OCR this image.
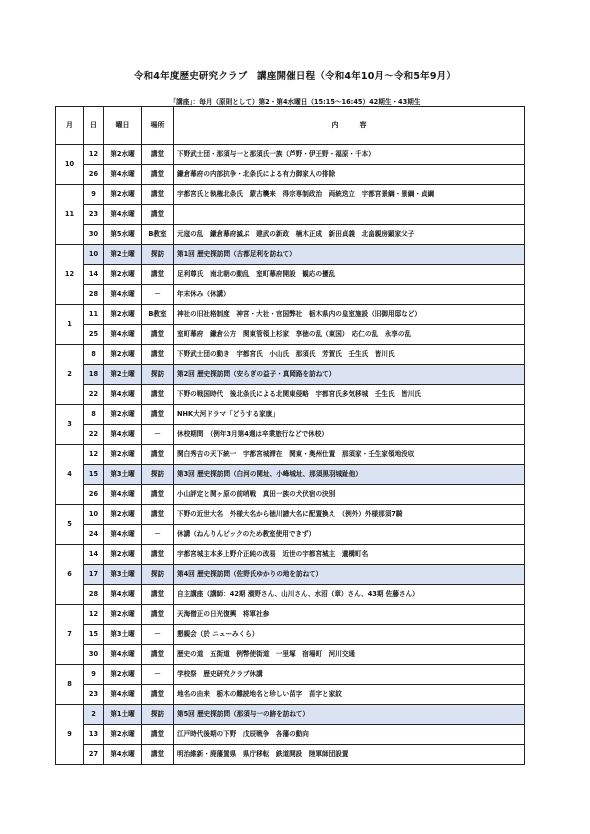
令和4年度歴史研究クラブ　講座開催日程（令和4年10月～令和5年9月）
「講座」：毎月（原則として）第2・第4水曜日（15:15～16:45）42期生・43期生
月	日	曜日	場所	内　　　容
10	12	第2水曜	講堂	下野武士団・那須与一と那須氏一族（芦野・伊王野・福原・千本）
	26	第4水曜	講堂	鎌倉幕府の内部抗争・北条氏による有力御家人の排除
11	9	第2水曜	講堂	宇都宮氏と執権北条氏　蒙古襲来　得宗専制政治　両統迭立　宇都宮景綱・景綱・貞綱
	23	第4水曜	講堂	
	30	第5水曜	B教室	元寇の乱　鎌倉幕府滅ぶ　建武の新政　楠木正成　新田貞義　北畠親房顕家父子
12	10	第2土曜	探訪	第1回 歴史探訪問（古都足利を訪ねて）
	14	第2水曜	講堂	足利尊氏　南北朝の動乱　室町幕府開設　観応の擾乱
	28	第4水曜	－	年末休み（休講）
1	11	第2水曜	B教室	神社の旧社格制度　神宮・大社・官国弊社　栃木県内の皇室施設（旧御用邸など）
	25	第4水曜	講堂	室町幕府　鎌倉公方　関東管領上杉家　享徳の乱（東国）　応仁の乱　永享の乱
2	8	第2水曜	講堂	下野武士団の動き　宇都宮氏　小山氏　那須氏　芳賀氏　壬生氏　皆川氏
	18	第2土曜	探訪	第2回 歴史探訪問（安らぎの益子・真岡路を訪ねて）
	22	第4水曜	講堂	下野の戦国時代　後北条氏による北関東侵略　宇都宮氏多気移城　壬生氏　皆川氏
3	8	第2水曜	講堂	NHK大河ドラマ「どうする家康」
	22	第4水曜	－	休校期間　（例年3月第4週は卒業旅行などで休校）
4	12	第2水曜	講堂	関白秀吉の天下統一　宇都宮城滞在　関東・奥州仕置　那須家・壬生家領地没収
	15	第3土曜	探訪	第3回 歴史探訪問（白河の関址、小峰城址、那須黒羽城趾他）
	26	第4水曜	講堂	小山評定と関ヶ原の前哨戦　真田一族の犬伏宿の決別
5	10	第2水曜	講堂	下野の近世大名　外様大名から徳川譜大名に配置換え　（例外）外様那須7騎
	24	第4水曜	－	休講（ねんりんピックのため教室使用できず）
6	14	第2水曜	講堂	宇都宮城主本多上野介正純の改易　近世の宇都宮城主　遺構町名
	17	第3土曜	探訪	第4回 歴史探訪問（佐野氏ゆかりの地を訪ねて）
	28	第4水曜	講堂	自主講座（講師：42期 濱野さん、山川さん、水沼（章）さん、43期 佐藤さん）
7	12	第2水曜	講堂	天海僧正の日光復興　将軍社参
	15	第3土曜	－	懇親会（於 ニューみくら）
	30	第4水曜	講堂	歴史の道　五街道　例幣使街道　一里塚　宿場町　河川交通
8	9	第2水曜	－	学校祭　歴史研究クラブ休講
	23	第4水曜	講堂	地名の由来　栃木の難読地名と珍しい苗字　苗字と家紋
9	2	第1土曜	探訪	第5回 歴史探訪問（那須与一の跡を訪ねて）
	13	第2水曜	講堂	江戸時代後期の下野　戊辰戦争　各藩の動向
	27	第4水曜	講堂	明治維新・廃藩置県　県庁移転　鉄道開設　陸軍師団設置
